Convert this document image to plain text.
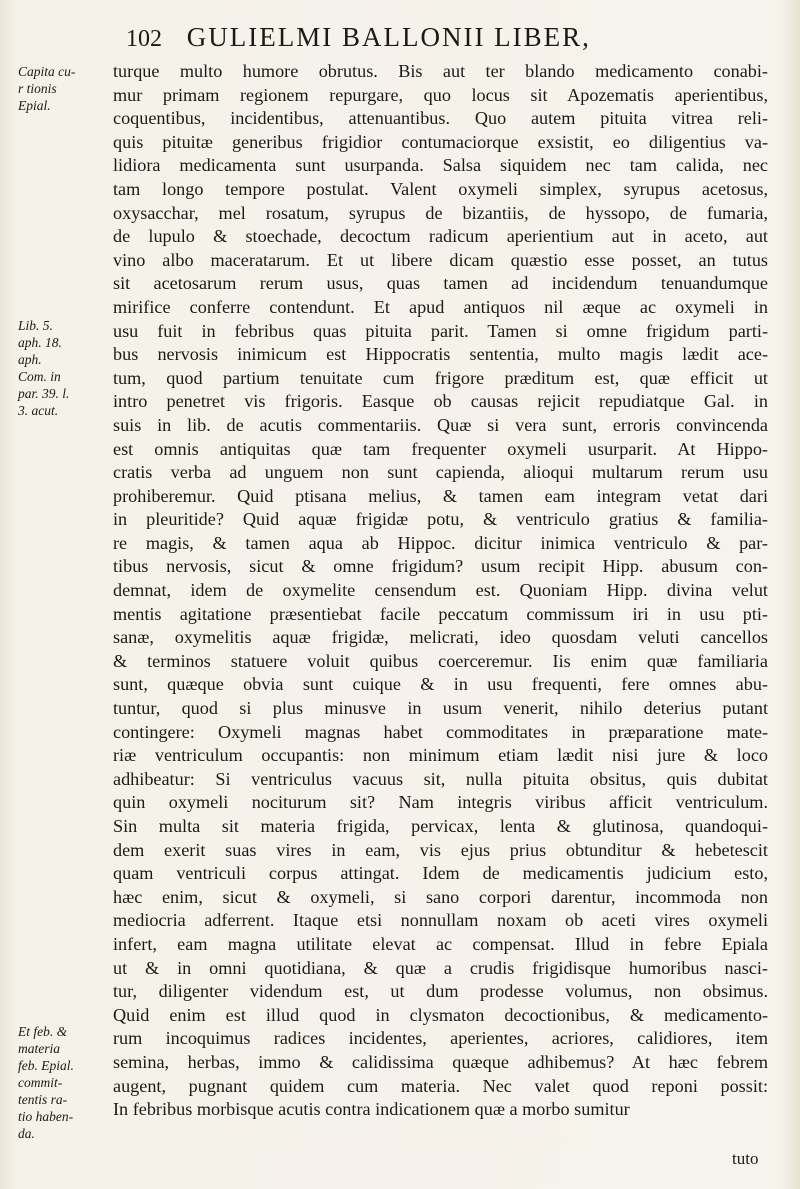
102 GULIELMI BALLONII LIBER,
Capita cu-
r tionis
Epial.
Lib. 5.
aph. 18.
aph.
Com. in
par. 39. l.
3. acut.
Et feb. &
materia
feb. Epial.
commit-
tentis ra-
tio haben-
da.
turque multo humore obrutus. Bis aut ter blando medicamento conabi-
mur primam regionem repurgare, quo locus sit Apozematis aperientibus,
coquentibus, incidentibus, attenuantibus. Quo autem pituita vitrea reli-
quis pituitæ generibus frigidior contumaciorque exsistit, eo diligentius va-
lidiora medicamenta sunt usurpanda. Salsa siquidem nec tam calida, nec
tam longo tempore postulat. Valent oxymeli simplex, syrupus acetosus,
oxysacchar, mel rosatum, syrupus de bizantiis, de hyssopo, de fumaria,
de lupulo & stoechade, decoctum radicum aperientium aut in aceto, aut
vino albo maceratarum. Et ut libere dicam quæstio esse posset, an tutus
sit acetosarum rerum usus, quas tamen ad incidendum tenuandumque
mirifice conferre contendunt. Et apud antiquos nil æque ac oxymeli in
usu fuit in febribus quas pituita parit. Tamen si omne frigidum parti-
bus nervosis inimicum est Hippocratis sententia, multo magis lædit ace-
tum, quod partium tenuitate cum frigore præditum est, quæ efficit ut
intro penetret vis frigoris. Easque ob causas rejicit repudiatque Gal. in
suis in lib. de acutis commentariis. Quæ si vera sunt, erroris convincenda
est omnis antiquitas quæ tam frequenter oxymeli usurparit. At Hippo-
cratis verba ad unguem non sunt capienda, alioqui multarum rerum usu
prohiberemur. Quid ptisana melius, & tamen eam integram vetat dari
in pleuritide? Quid aquæ frigidæ potu, & ventriculo gratius & familia-
re magis, & tamen aqua ab Hippoc. dicitur inimica ventriculo & par-
tibus nervosis, sicut & omne frigidum? usum recipit Hipp. abusum con-
demnat, idem de oxymelite censendum est. Quoniam Hipp. divina velut
mentis agitatione præsentiebat facile peccatum commissum iri in usu pti-
sanæ, oxymelitis aquæ frigidæ, melicrati, ideo quosdam veluti cancellos
& terminos statuere voluit quibus coerceremur. Iis enim quæ familiaria
sunt, quæque obvia sunt cuique & in usu frequenti, fere omnes abu-
tuntur, quod si plus minusve in usum venerit, nihilo deterius putant
contingere: Oxymeli magnas habet commoditates in præparatione mate-
riæ ventriculum occupantis: non minimum etiam lædit nisi jure & loco
adhibeatur: Si ventriculus vacuus sit, nulla pituita obsitus, quis dubitat
quin oxymeli nociturum sit? Nam integris viribus afficit ventriculum.
Sin multa sit materia frigida, pervicax, lenta & glutinosa, quandoqui-
dem exerit suas vires in eam, vis ejus prius obtunditur & hebetescit
quam ventriculi corpus attingat. Idem de medicamentis judicium esto,
hæc enim, sicut & oxymeli, si sano corpori darentur, incommoda non
mediocria adferrent. Itaque etsi nonnullam noxam ob aceti vires oxymeli
infert, eam magna utilitate elevat ac compensat. Illud in febre Epiala
ut & in omni quotidiana, & quæ a crudis frigidisque humoribus nasci-
tur, diligenter videndum est, ut dum prodesse volumus, non obsimus.
Quid enim est illud quod in clysmaton decoctionibus, & medicamento-
rum incoquimus radices incidentes, aperientes, acriores, calidiores, item
semina, herbas, immo & calidissima quæque adhibemus? At hæc febrem
augent, pugnant quidem cum materia. Nec valet quod reponi possit:
In febribus morbisque acutis contra indicationem quæ a morbo sumitur
tuto
